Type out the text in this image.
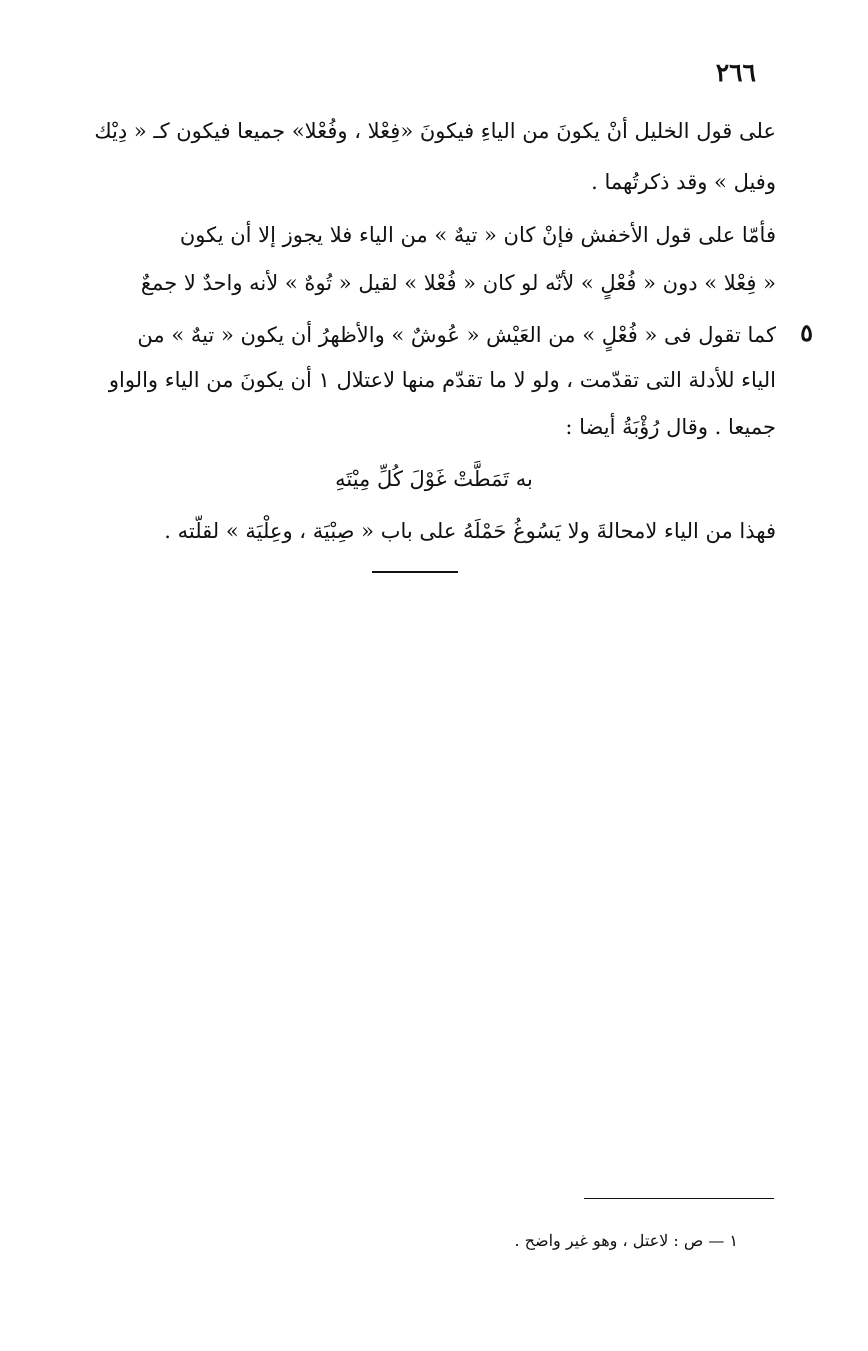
٢٦٦
على قول الخليل أنْ يكونَ من الياءِ فيكونَ «فِعْلا ، وفُعْلا» جميعا فيكون كـ « دِيْك
وفيل » وقد ذكرتُهما .
فأمّا على قول الأخفش فإنْ كان « تيهٌ » من الياء فلا يجوز إلا أن يكون
« فِعْلا » دون « فُعْلٍ » لأنّه لو كان « فُعْلا » لقيل « تُوهٌ » لأنه واحدٌ لا جمعٌ
كما تقول فى « فُعْلٍ » من العَيْش « عُوشٌ » والأظهرُ أن يكون « تيهٌ » من ٥
الياء للأدلة التى تقدّمت ، ولو لا ما تقدّم منها لاعتلال ١ أن يكونَ من الياء والواو
جميعا . وقال رُؤْبَةُ أيضا :
به تَمَطَّتْ غَوْلَ كُلِّ مِيْتَهِ
فهذا من الياء لامحالةَ ولا يَسُوغُ حَمْلَهُ على باب « صِبْيَة ، وعِلْيَة » لقلّته .
١ — ص : لاعتل ، وهو غير واضح .
